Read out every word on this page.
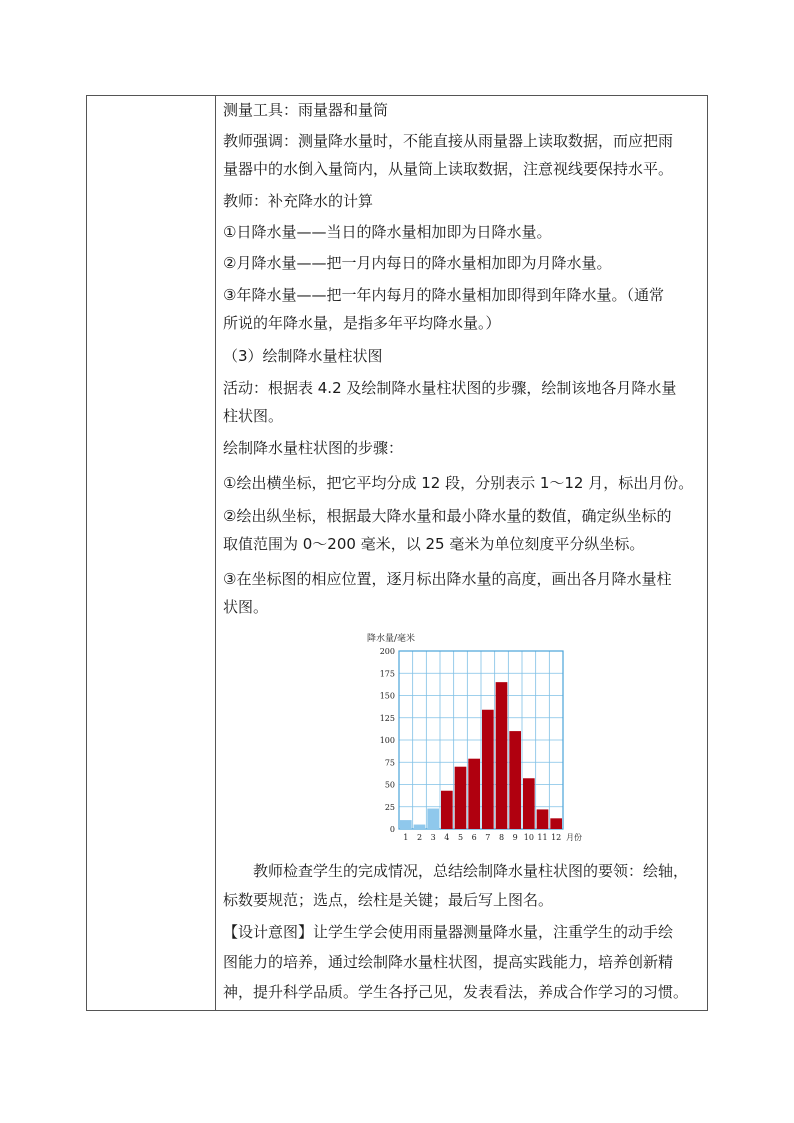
测量工具：雨量器和量筒
教师强调：测量降水量时，不能直接从雨量器上读取数据，而应把雨
量器中的水倒入量筒内，从量筒上读取数据，注意视线要保持水平。
教师：补充降水的计算
①日降水量——当日的降水量相加即为日降水量。
②月降水量——把一月内每日的降水量相加即为月降水量。
③年降水量——把一年内每月的降水量相加即得到年降水量。（通常
所说的年降水量，是指多年平均降水量。）
（3）绘制降水量柱状图
活动：根据表 4.2 及绘制降水量柱状图的步骤，绘制该地各月降水量
柱状图。
绘制降水量柱状图的步骤：
①绘出横坐标，把它平均分成 12 段，分别表示 1～12 月，标出月份。
②绘出纵坐标，根据最大降水量和最小降水量的数值，确定纵坐标的
取值范围为 0～200 毫米，以 25 毫米为单位刻度平分纵坐标。
③在坐标图的相应位置，逐月标出降水量的高度，画出各月降水量柱
状图。
0
25
50
75
100
125
150
175
200
1 2 3 4 5 6 7 8 9 10 11 12 月份
降水量/毫米
　　教师检查学生的完成情况，总结绘制降水量柱状图的要领：绘轴，
标数要规范；选点，绘柱是关键；最后写上图名。
【设计意图】让学生学会使用雨量器测量降水量，注重学生的动手绘
图能力的培养，通过绘制降水量柱状图，提高实践能力，培养创新精
神，提升科学品质。学生各抒己见，发表看法，养成合作学习的习惯。
